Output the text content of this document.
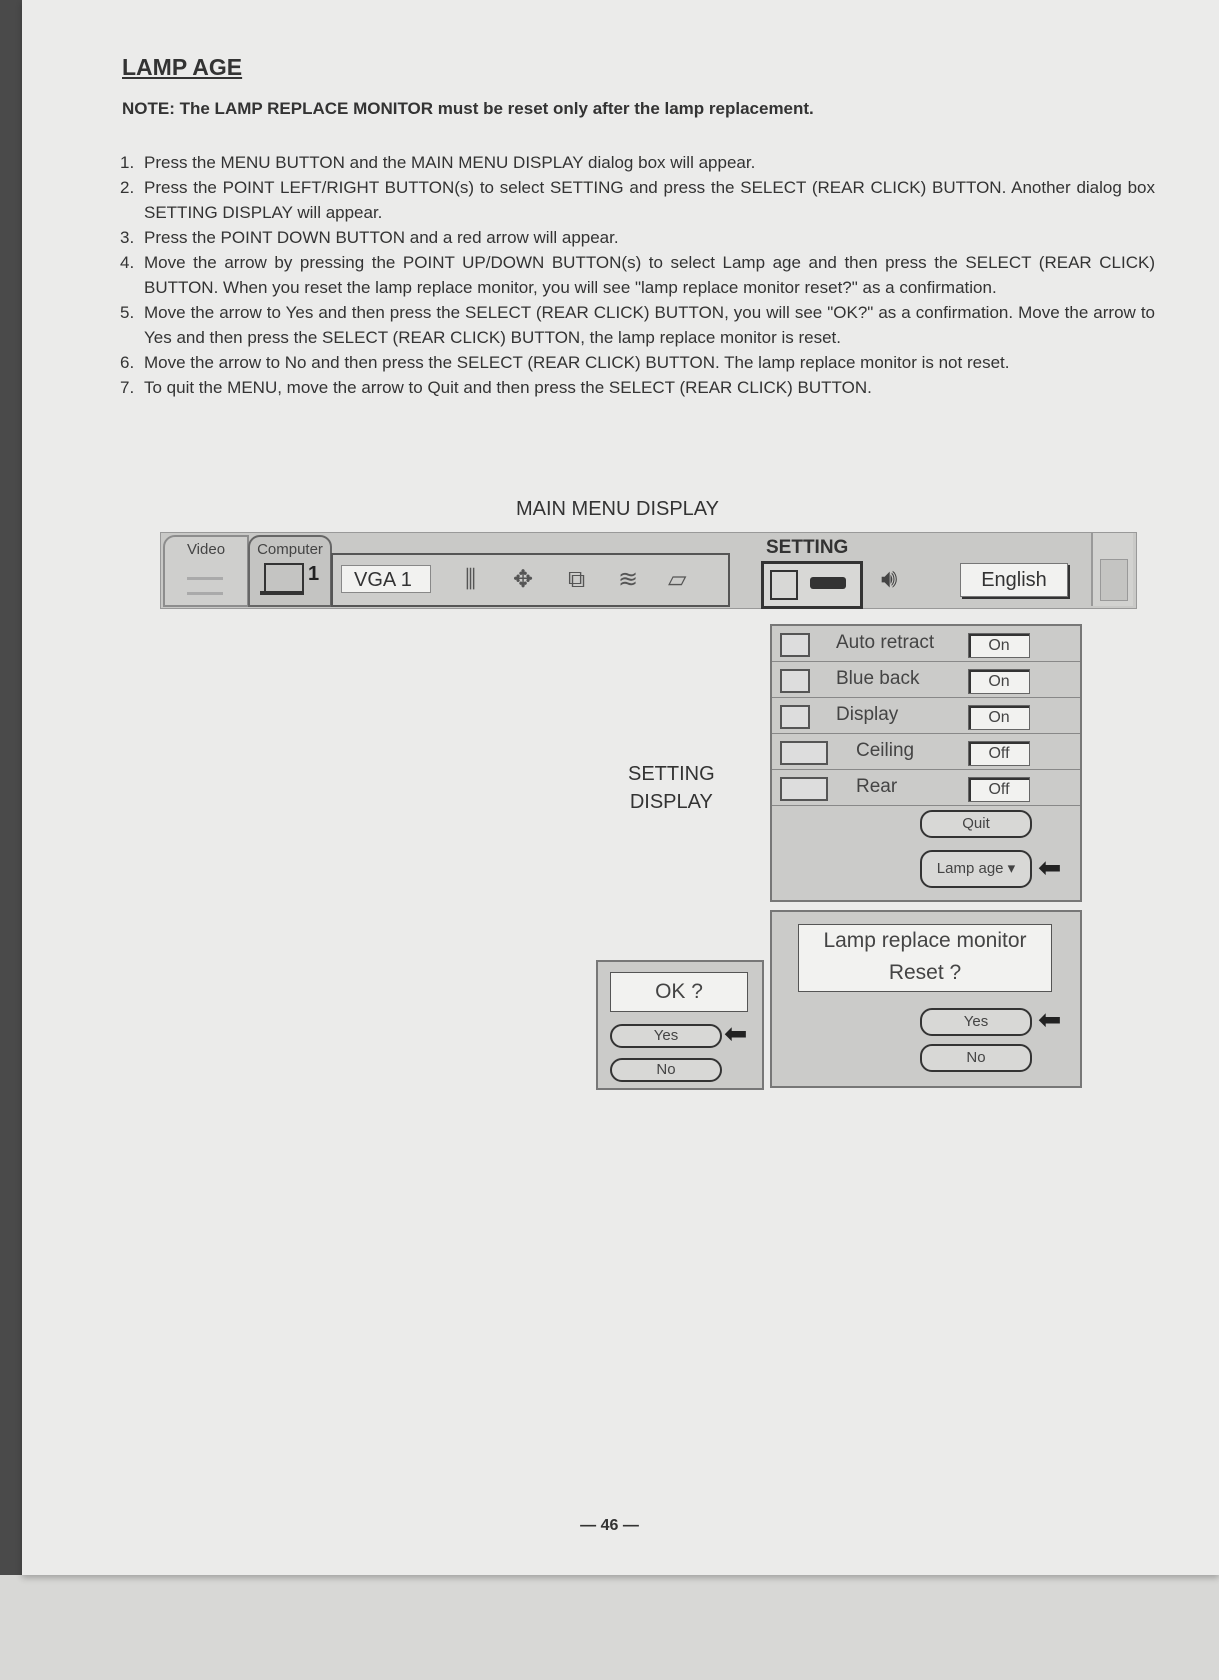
LAMP AGE
NOTE: The LAMP REPLACE MONITOR must be reset only after the lamp replacement.
1. Press the MENU BUTTON and the MAIN MENU DISPLAY dialog box will appear.
2. Press the POINT LEFT/RIGHT BUTTON(s) to select SETTING and press the SELECT (REAR CLICK) BUTTON. Another dialog box SETTING DISPLAY will appear.
3. Press the POINT DOWN BUTTON and a red arrow will appear.
4. Move the arrow by pressing the POINT UP/DOWN BUTTON(s) to select Lamp age and then press the SELECT (REAR CLICK) BUTTON. When you reset the lamp replace monitor, you will see "lamp replace monitor reset?" as a confirmation.
5. Move the arrow to Yes and then press the SELECT (REAR CLICK) BUTTON, you will see "OK?" as a confirmation. Move the arrow to Yes and then press the SELECT (REAR CLICK) BUTTON, the lamp replace monitor is reset.
6. Move the arrow to No and then press the SELECT (REAR CLICK) BUTTON. The lamp replace monitor is not reset.
7. To quit the MENU, move the arrow to Quit and then press the SELECT (REAR CLICK) BUTTON.
MAIN MENU DISPLAY
Video	Computer
1	VGA 1	⫼ ✥ ⧉ ≋ ▱
SETTING
🔊︎	English
SETTING
DISPLAY
Auto retract	On
Blue back	On
Display	On
Ceiling	Off
Rear	Off
Quit
Lamp age ▾ ⬅
Lamp replace monitor
Reset ?
Yes	⬅
No
OK ?
Yes	⬅
No
— 46 —
